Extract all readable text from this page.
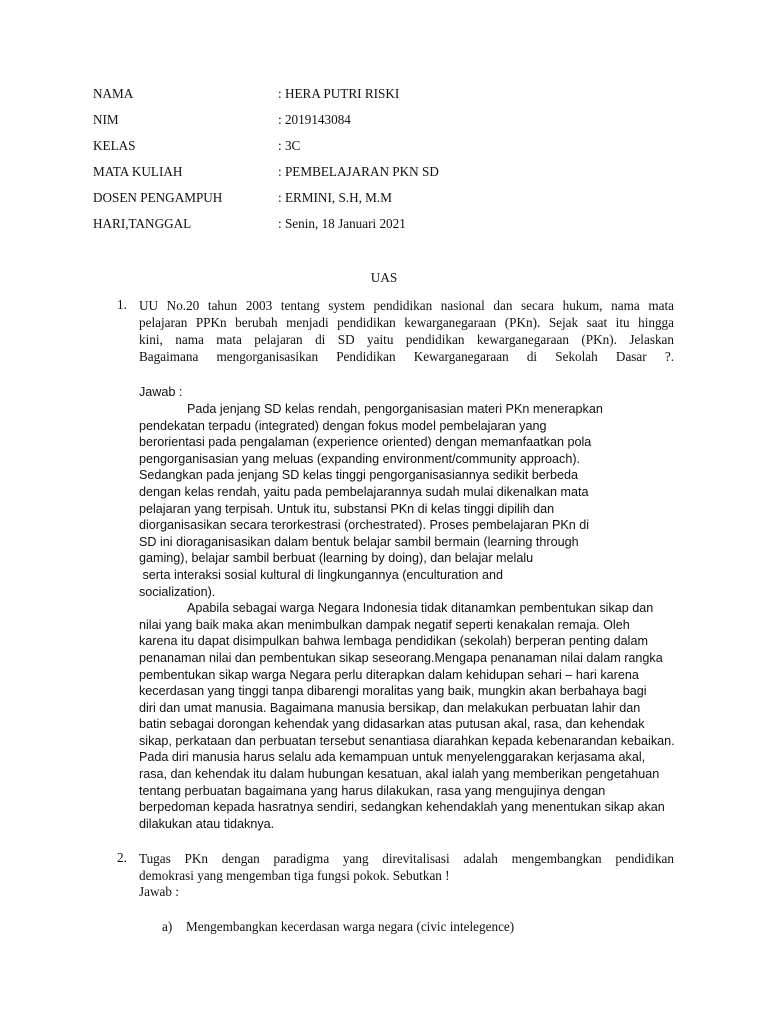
NAMA	: HERA PUTRI RISKI
NIM	: 2019143084
KELAS	: 3C
MATA KULIAH	: PEMBELAJARAN PKN SD
DOSEN PENGAMPUH	: ERMINI, S.H, M.M
HARI,TANGGAL	: Senin, 18 Januari 2021
UAS
1. UU No.20 tahun 2003 tentang system pendidikan nasional dan secara hukum, nama mata
pelajaran PPKn berubah menjadi pendidikan kewarganegaraan (PKn). Sejak saat itu hingga
kini, nama mata pelajaran di SD yaitu pendidikan kewarganegaraan (PKn). Jelaskan
Bagaimana mengorganisasikan Pendidikan Kewarganegaraan di Sekolah Dasar ?.
Jawab :
Pada jenjang SD kelas rendah, pengorganisasian materi PKn menerapkan
pendekatan terpadu (integrated) dengan fokus model pembelajaran yang
berorientasi pada pengalaman (experience oriented) dengan memanfaatkan pola
pengorganisasian yang meluas (expanding environment/community approach).
Sedangkan pada jenjang SD kelas tinggi pengorganisasiannya sedikit berbeda
dengan kelas rendah, yaitu pada pembelajarannya sudah mulai dikenalkan mata
pelajaran yang terpisah. Untuk itu, substansi PKn di kelas tinggi dipilih dan
diorganisasikan secara terorkestrasi (orchestrated). Proses pembelajaran PKn di
SD ini dioraganisasikan dalam bentuk belajar sambil bermain (learning through
gaming), belajar sambil berbuat (learning by doing), dan belajar melalu
serta interaksi sosial kultural di lingkungannya (enculturation and
socialization).
Apabila sebagai warga Negara Indonesia tidak ditanamkan pembentukan sikap dan
nilai yang baik maka akan menimbulkan dampak negatif seperti kenakalan remaja. Oleh
karena itu dapat disimpulkan bahwa lembaga pendidikan (sekolah) berperan penting dalam
penanaman nilai dan pembentukan sikap seseorang.Mengapa penanaman nilai dalam rangka
pembentukan sikap warga Negara perlu diterapkan dalam kehidupan sehari – hari karena
kecerdasan yang tinggi tanpa dibarengi moralitas yang baik, mungkin akan berbahaya bagi
diri dan umat manusia. Bagaimana manusia bersikap, dan melakukan perbuatan lahir dan
batin sebagai dorongan kehendak yang didasarkan atas putusan akal, rasa, dan kehendak
sikap, perkataan dan perbuatan tersebut senantiasa diarahkan kepada kebenarandan kebaikan.
Pada diri manusia harus selalu ada kemampuan untuk menyelenggarakan kerjasama akal,
rasa, dan kehendak itu dalam hubungan kesatuan, akal ialah yang memberikan pengetahuan
tentang perbuatan bagaimana yang harus dilakukan, rasa yang mengujinya dengan
berpedoman kepada hasratnya sendiri, sedangkan kehendaklah yang menentukan sikap akan
dilakukan atau tidaknya.
2. Tugas PKn dengan paradigma yang direvitalisasi adalah mengembangkan pendidikan
demokrasi yang mengemban tiga fungsi pokok. Sebutkan !
Jawab :
a) Mengembangkan kecerdasan warga negara (civic intelegence)
